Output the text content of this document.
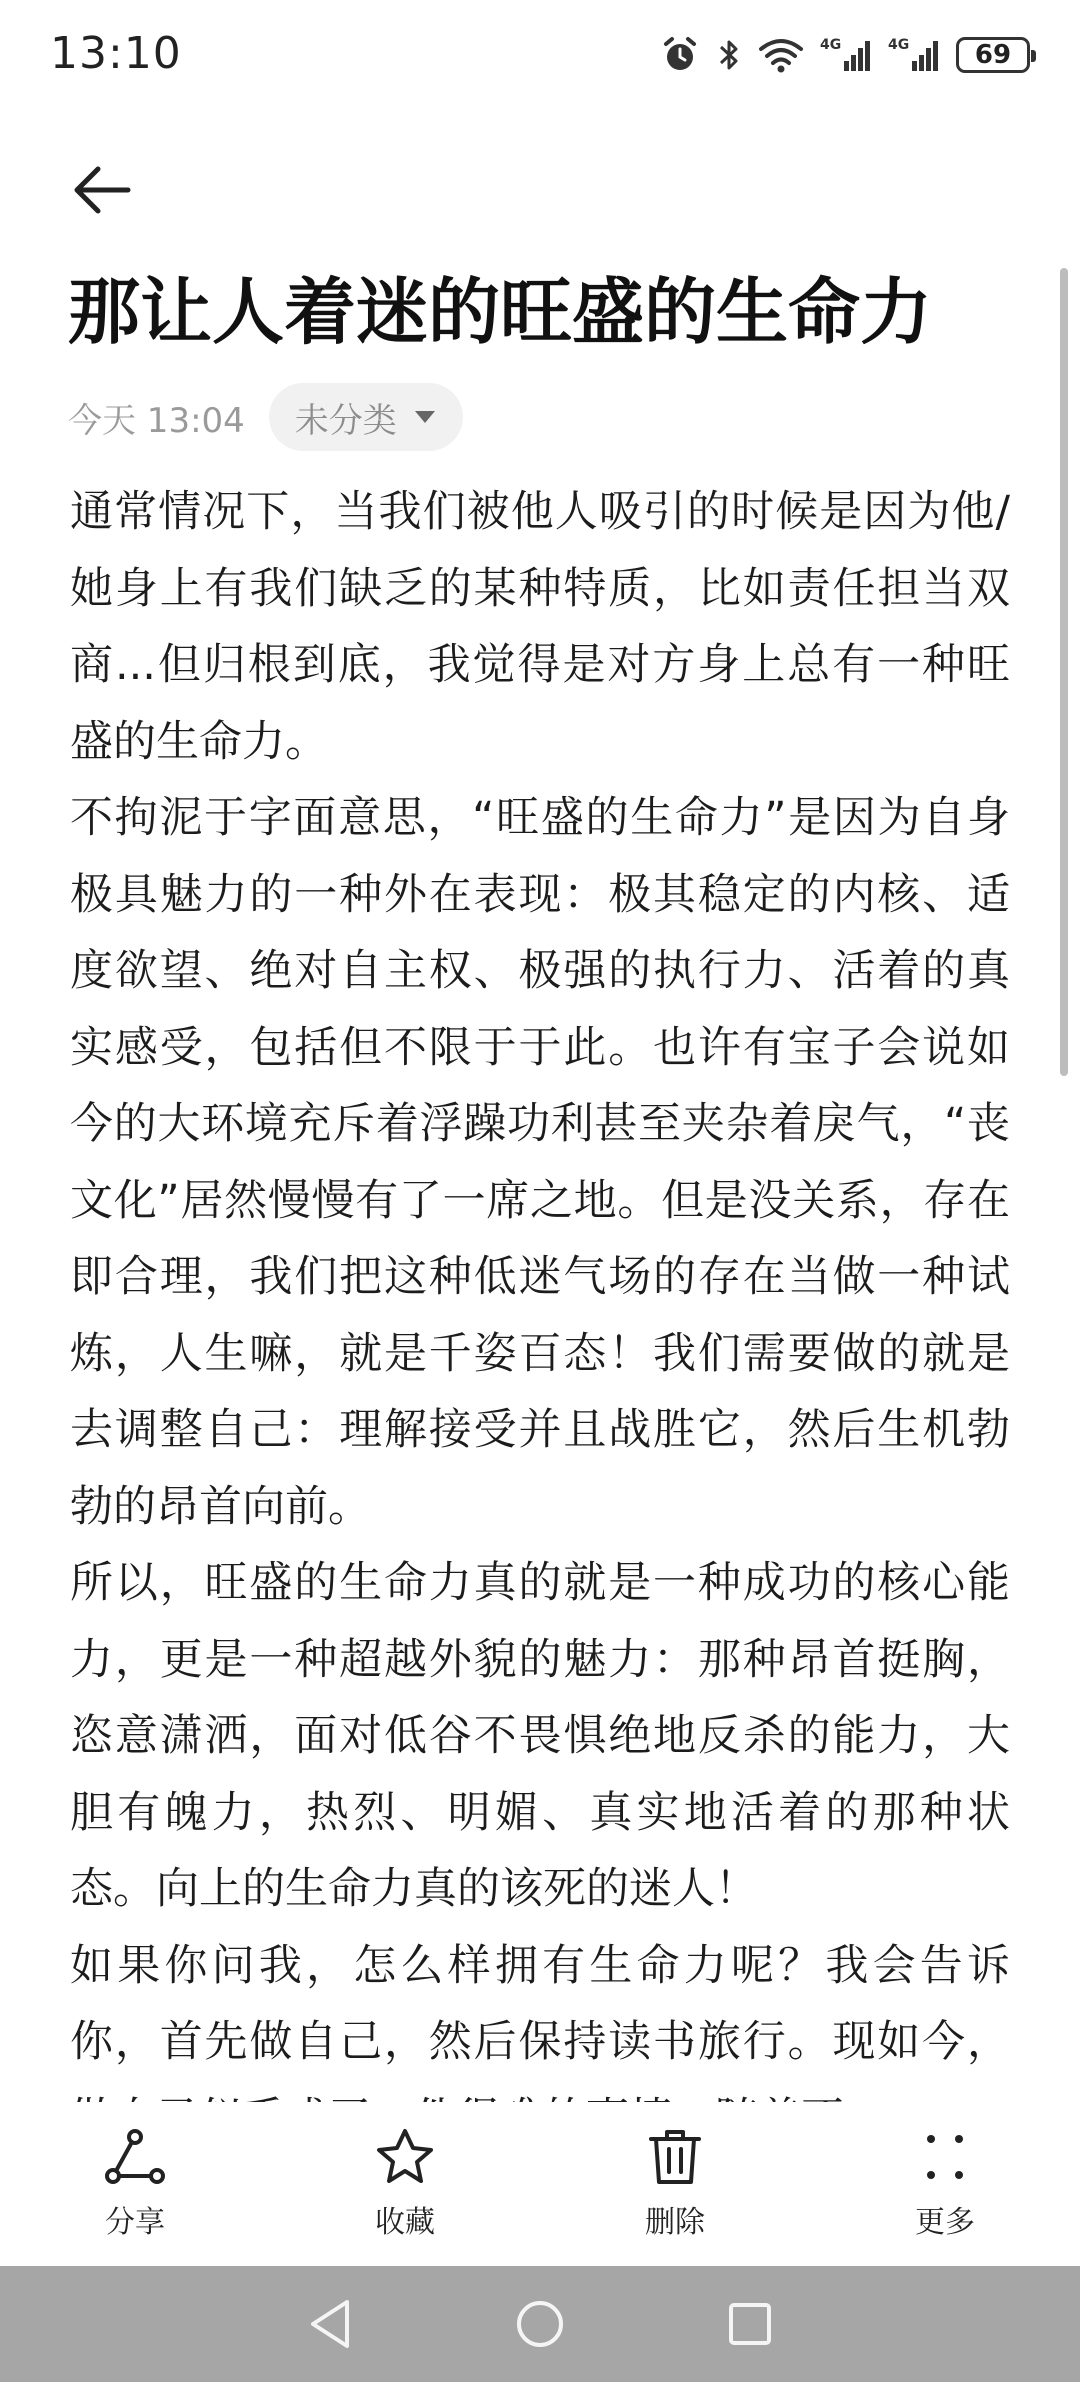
13:10	4G	4G	69
那让人着迷的旺盛的生命力
今天 13:04 未分类

通常情况下，当我们被他人吸引的时候是因为他/她身上有我们缺乏的某种特质，比如责任担当双商...但归根到底，我觉得是对方身上总有一种旺盛的生命力。

不拘泥于字面意思，“旺盛的生命力”是因为自身极具魅力的一种外在表现：极其稳定的内核、适度欲望、绝对自主权、极强的执行力、活着的真实感受，包括但不限于于此。也许有宝子会说如今的大环境充斥着浮躁功利甚至夹杂着戾气，“丧文化”居然慢慢有了一席之地。但是没关系，存在即合理，我们把这种低迷气场的存在当做一种试炼，人生嘛，就是千姿百态！我们需要做的就是去调整自己：理解接受并且战胜它，然后生机勃勃的昂首向前。

所以，旺盛的生命力真的就是一种成功的核心能力，更是一种超越外貌的魅力：那种昂首挺胸，恣意潇洒，面对低谷不畏惧绝地反杀的能力，大胆有魄力，热烈、明媚、真实地活着的那种状态。向上的生命力真的该死的迷人！

如果你问我，怎么样拥有生命力呢？我会告诉你，首先做自己，然后保持读书旅行。现如今，

分享	收藏	删除	更多
